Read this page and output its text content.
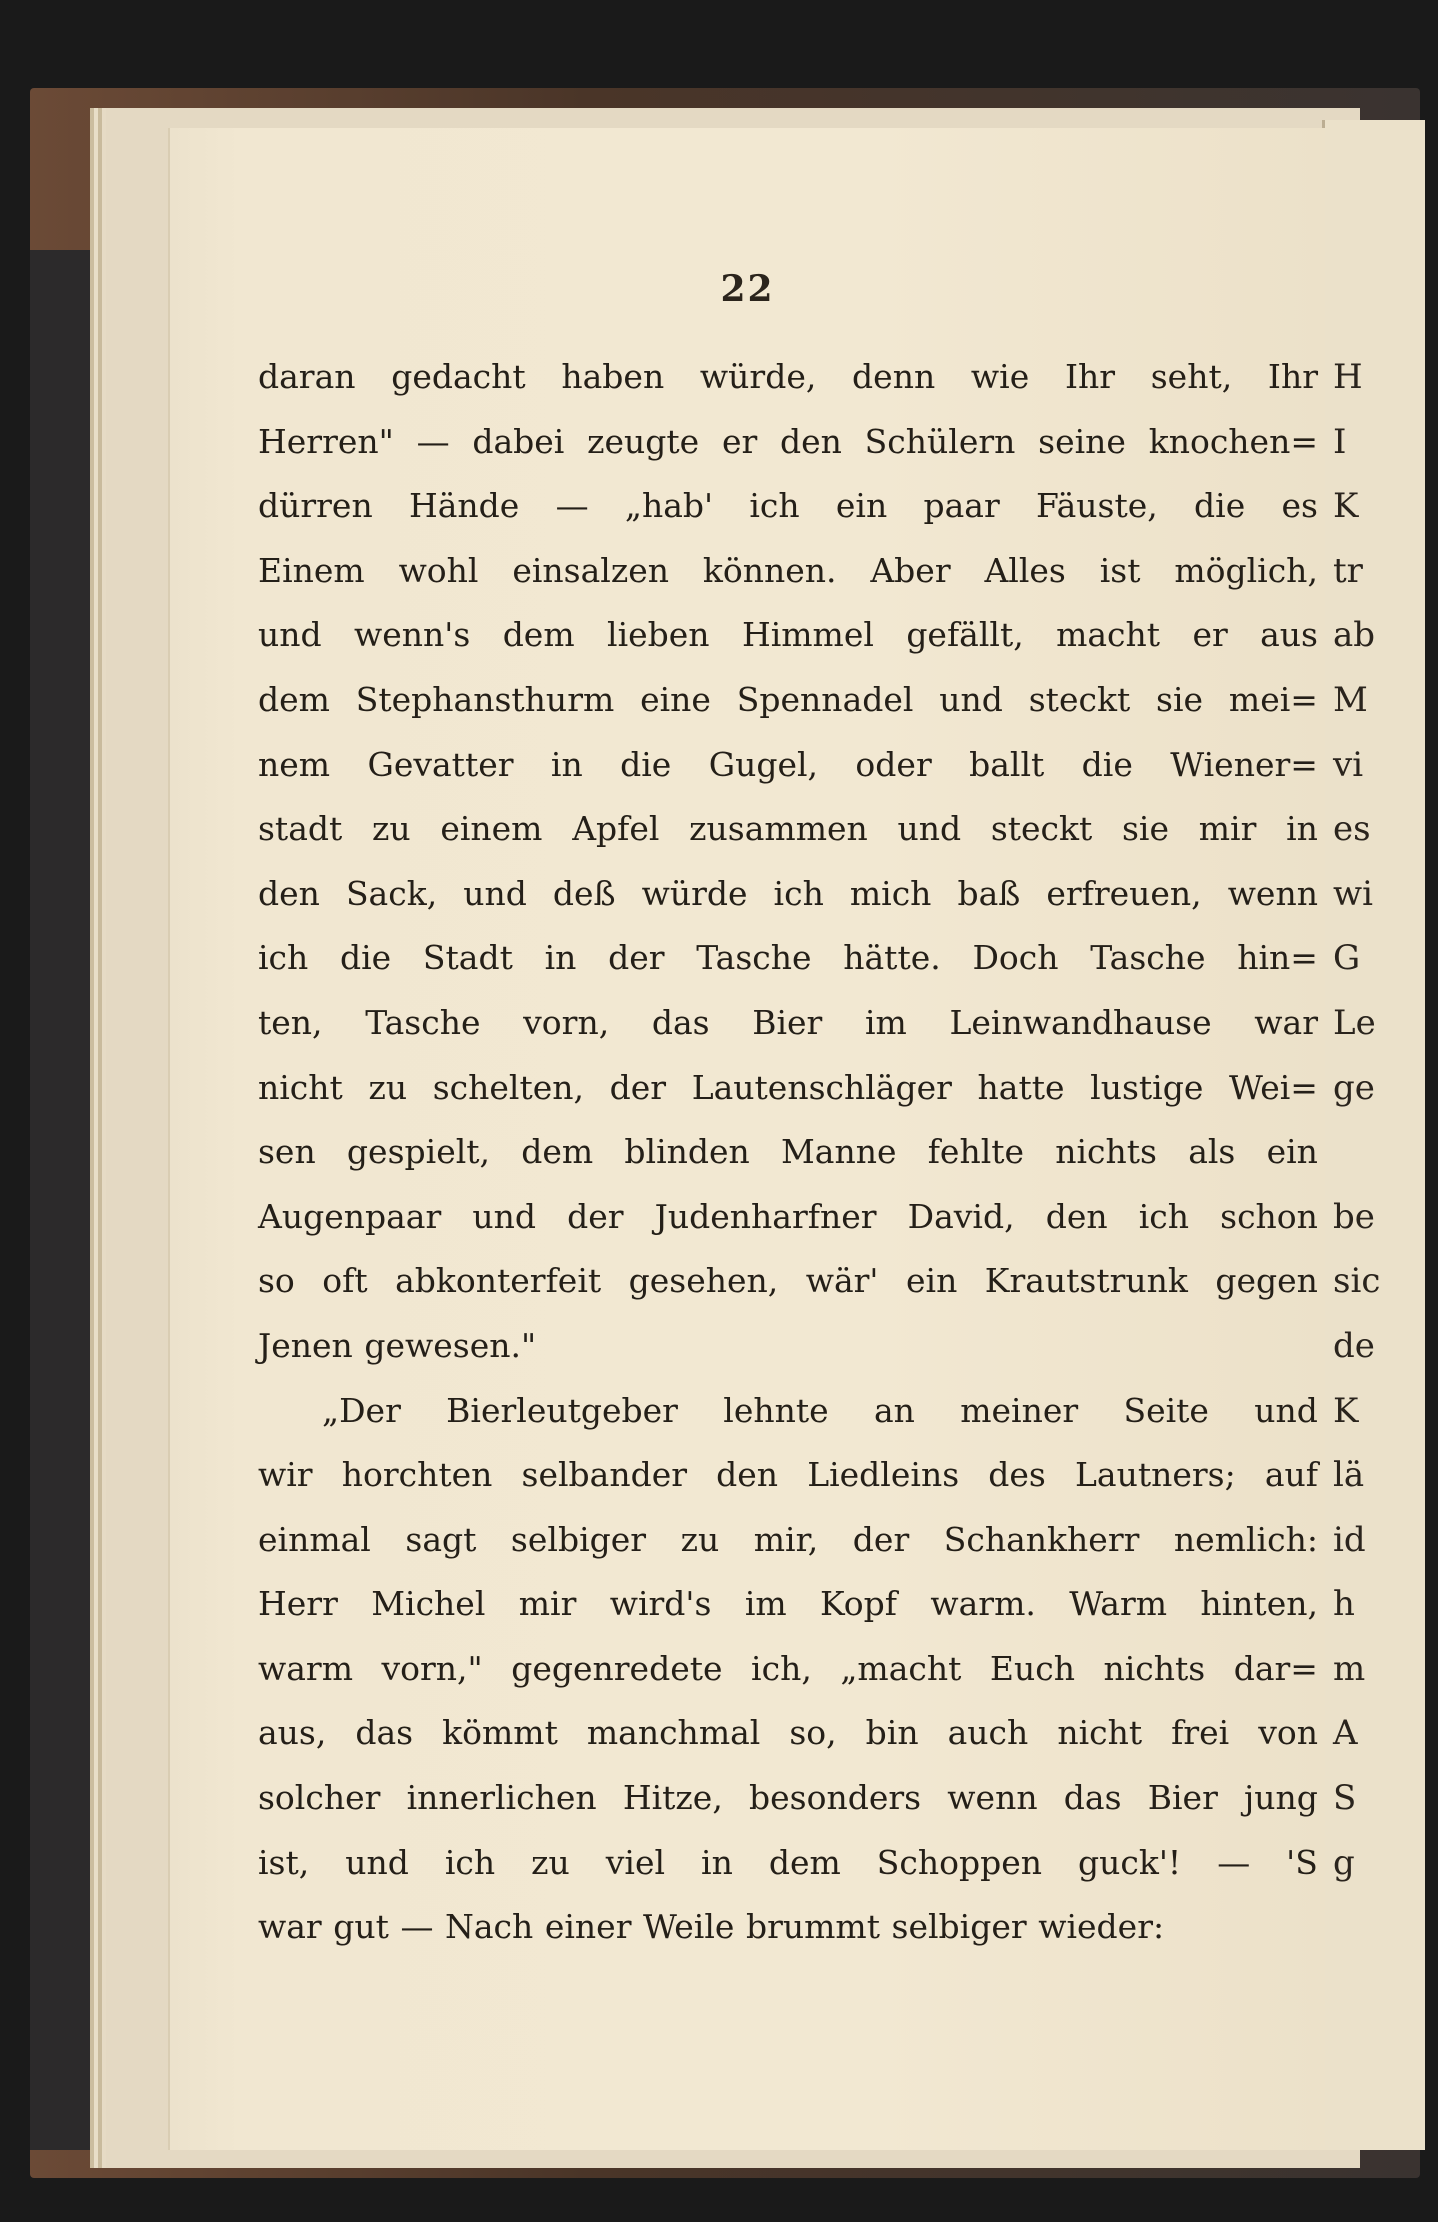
H
I
K
tr
ab
M
vi
es
wi
G
Le
ge
be
sic
de
K
lä
id
h
m
A
S
g
22
daran gedacht haben würde, denn wie Ihr seht, Ihr
Herren" — dabei zeugte er den Schülern seine knochen=
dürren Hände — „hab' ich ein paar Fäuste, die es
Einem wohl einsalzen können. Aber Alles ist möglich,
und wenn's dem lieben Himmel gefällt, macht er aus
dem Stephansthurm eine Spennadel und steckt sie mei=
nem Gevatter in die Gugel, oder ballt die Wiener=
stadt zu einem Apfel zusammen und steckt sie mir in
den Sack, und deß würde ich mich baß erfreuen, wenn
ich die Stadt in der Tasche hätte. Doch Tasche hin=
ten, Tasche vorn, das Bier im Leinwandhause war
nicht zu schelten, der Lautenschläger hatte lustige Wei=
sen gespielt, dem blinden Manne fehlte nichts als ein
Augenpaar und der Judenharfner David, den ich schon
so oft abkonterfeit gesehen, wär' ein Krautstrunk gegen
Jenen gewesen."
„Der Bierleutgeber lehnte an meiner Seite und
wir horchten selbander den Liedleins des Lautners; auf
einmal sagt selbiger zu mir, der Schankherr nemlich:
Herr Michel mir wird's im Kopf warm. Warm hinten,
warm vorn," gegenredete ich, „macht Euch nichts dar=
aus, das kömmt manchmal so, bin auch nicht frei von
solcher innerlichen Hitze, besonders wenn das Bier jung
ist, und ich zu viel in dem Schoppen guck'! — 'S
war gut — Nach einer Weile brummt selbiger wieder:
